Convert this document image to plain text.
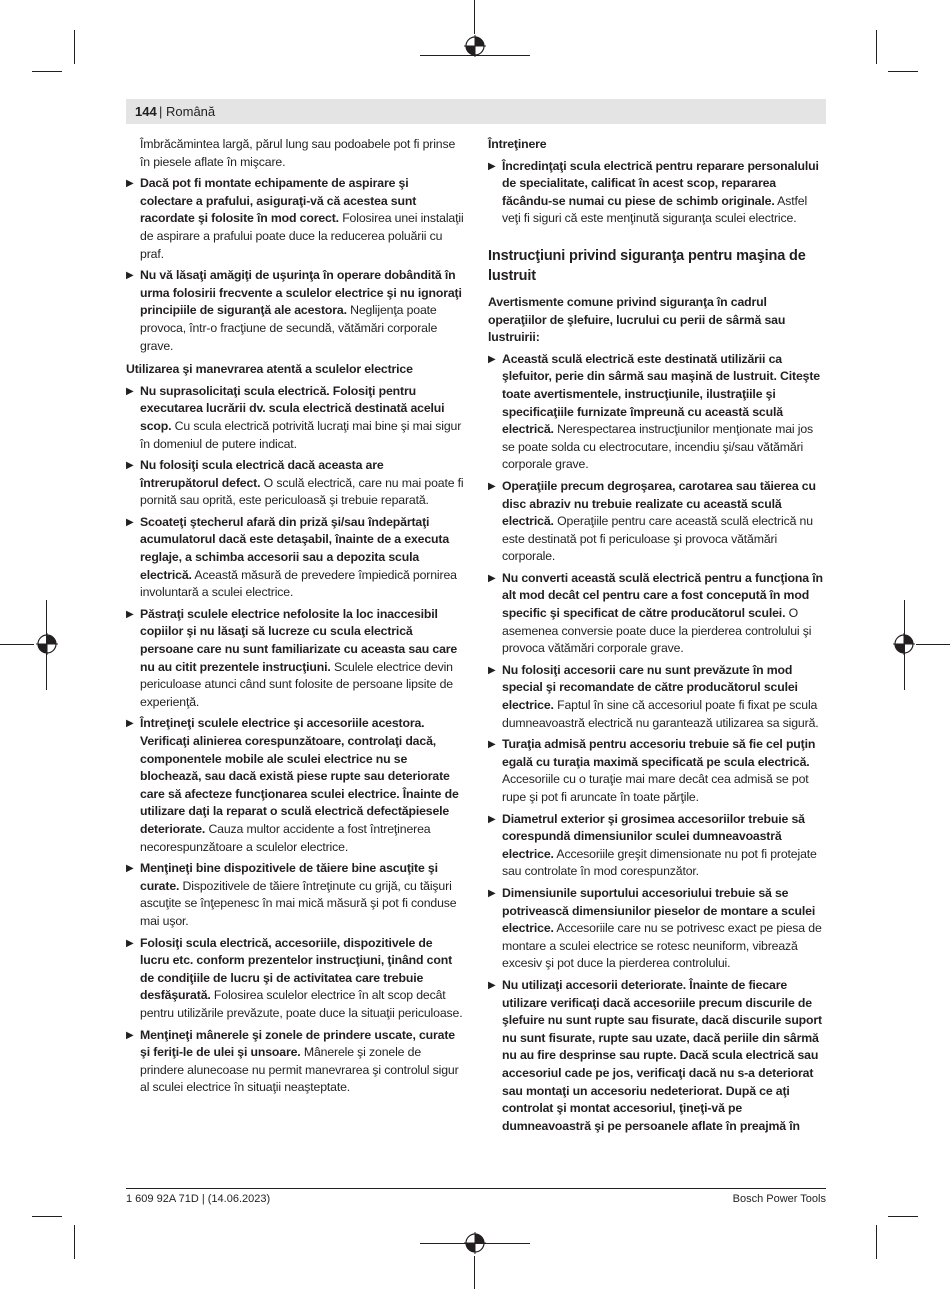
144 | Română

Îmbrăcămintea largă, părul lung sau podoabele pot fi prinse în piesele aflate în mişcare.

▶ Dacă pot fi montate echipamente de aspirare şi colectare a prafului, asiguraţi-vă că acestea sunt racordate şi folosite în mod corect. Folosirea unei instalaţii de aspirare a prafului poate duce la reducerea poluării cu praf.

▶ Nu vă lăsaţi amăgiţi de uşurinţa în operare dobândită în urma folosirii frecvente a sculelor electrice şi nu ignoraţi principiile de siguranţă ale acestora. Neglijenţa poate provoca, într-o fracţiune de secundă, vătămări corporale grave.

Utilizarea şi manevrarea atentă a sculelor electrice

▶ Nu suprasolicitaţi scula electrică. Folosiţi pentru executarea lucrării dv. scula electrică destinată acelui scop. Cu scula electrică potrivită lucraţi mai bine şi mai sigur în domeniul de putere indicat.

▶ Nu folosiţi scula electrică dacă aceasta are întrerupătorul defect. O sculă electrică, care nu mai poate fi pornită sau oprită, este periculoasă şi trebuie reparată.

▶ Scoateţi ştecherul afară din priză şi/sau îndepărtaţi acumulatorul dacă este detaşabil, înainte de a executa reglaje, a schimba accesorii sau a depozita scula electrică. Această măsură de prevedere împiedică pornirea involuntară a sculei electrice.

▶ Păstraţi sculele electrice nefolosite la loc inaccesibil copiilor şi nu lăsaţi să lucreze cu scula electrică persoane care nu sunt familiarizate cu aceasta sau care nu au citit prezentele instrucţiuni. Sculele electrice devin periculoase atunci când sunt folosite de persoane lipsite de experienţă.

▶ Întreţineţi sculele electrice şi accesoriile acestora. Verificaţi alinierea corespunzătoare, controlaţi dacă, componentele mobile ale sculei electrice nu se blochează, sau dacă există piese rupte sau deteriorate care să afecteze funcţionarea sculei electrice. Înainte de utilizare daţi la reparat o sculă electrică defectăpiesele deteriorate. Cauza multor accidente a fost întreţinerea necorespunzătoare a sculelor electrice.

▶ Menţineţi bine dispozitivele de tăiere bine ascuţite şi curate. Dispozitivele de tăiere întreţinute cu grijă, cu tăişuri ascuţite se înţepenesc în mai mică măsură şi pot fi conduse mai uşor.

▶ Folosiţi scula electrică, accesoriile, dispozitivele de lucru etc. conform prezentelor instrucţiuni, ţinând cont de condiţiile de lucru şi de activitatea care trebuie desfăşurată. Folosirea sculelor electrice în alt scop decât pentru utilizările prevăzute, poate duce la situaţii periculoase.

▶ Menţineţi mânerele şi zonele de prindere uscate, curate şi feriţi-le de ulei şi unsoare. Mânerele şi zonele de prindere alunecoase nu permit manevrarea şi controlul sigur al sculei electrice în situaţii neaşteptate.

Întreţinere

▶ Încredinţaţi scula electrică pentru reparare personalului de specialitate, calificat în acest scop, repararea făcându-se numai cu piese de schimb originale. Astfel veţi fi siguri că este menţinută siguranţa sculei electrice.

Instrucţiuni privind siguranţa pentru maşina de lustruit

Avertismente comune privind siguranţa în cadrul operaţiilor de şlefuire, lucrului cu perii de sârmă sau lustruirii:

▶ Această sculă electrică este destinată utilizării ca şlefuitor, perie din sârmă sau maşină de lustruit. Citeşte toate avertismentele, instrucţiunile, ilustraţiile şi specificaţiile furnizate împreună cu această sculă electrică. Nerespectarea instrucţiunilor menţionate mai jos se poate solda cu electrocutare, incendiu şi/sau vătămări corporale grave.

▶ Operaţiile precum degroşarea, carotarea sau tăierea cu disc abraziv nu trebuie realizate cu această sculă electrică. Operaţiile pentru care această sculă electrică nu este destinată pot fi periculoase şi provoca vătămări corporale.

▶ Nu converti această sculă electrică pentru a funcţiona în alt mod decât cel pentru care a fost concepută în mod specific şi specificat de către producătorul sculei. O asemenea conversie poate duce la pierderea controlului şi provoca vătămări corporale grave.

▶ Nu folosiţi accesorii care nu sunt prevăzute în mod special şi recomandate de către producătorul sculei electrice. Faptul în sine că accesoriul poate fi fixat pe scula dumneavoastră electrică nu garantează utilizarea sa sigură.

▶ Turaţia admisă pentru accesoriu trebuie să fie cel puţin egală cu turaţia maximă specificată pe scula electrică. Accesoriile cu o turaţie mai mare decât cea admisă se pot rupe şi pot fi aruncate în toate părţile.

▶ Diametrul exterior şi grosimea accesoriilor trebuie să corespundă dimensiunilor sculei dumneavoastră electrice. Accesoriile greşit dimensionate nu pot fi protejate sau controlate în mod corespunzător.

▶ Dimensiunile suportului accesoriului trebuie să se potrivească dimensiunilor pieselor de montare a sculei electrice. Accesoriile care nu se potrivesc exact pe piesa de montare a sculei electrice se rotesc neuniform, vibrează excesiv şi pot duce la pierderea controlului.

▶ Nu utilizaţi accesorii deteriorate. Înainte de fiecare utilizare verificaţi dacă accesoriile precum discurile de şlefuire nu sunt rupte sau fisurate, dacă discurile suport nu sunt fisurate, rupte sau uzate, dacă periile din sârmă nu au fire desprinse sau rupte. Dacă scula electrică sau accesoriul cade pe jos, verificaţi dacă nu s-a deteriorat sau montaţi un accesoriu nedeteriorat. După ce aţi controlat şi montat accesoriul, ţineţi-vă pe dumneavoastră şi pe persoanele aflate în preajmă în

1 609 92A 71D | (14.06.2023)	Bosch Power Tools
